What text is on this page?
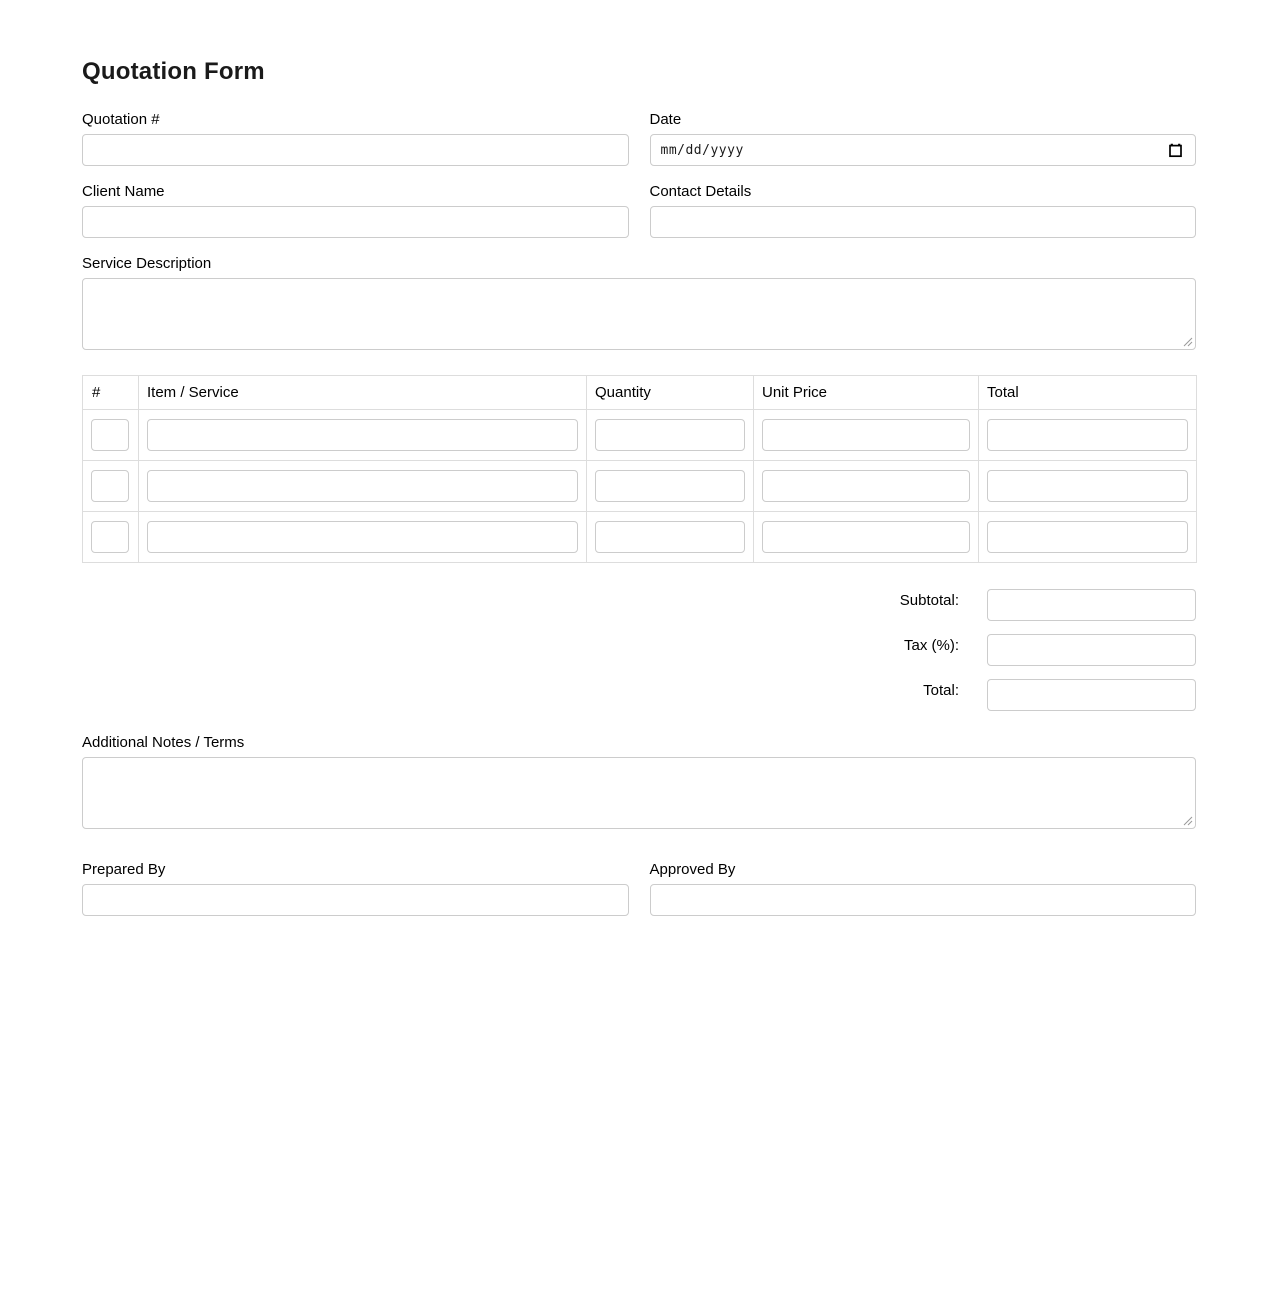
Quotation Form
Quotation #	Date
mm/dd/yyyy
Client Name	Contact Details
Service Description
#	Item / Service	Quantity	Unit Price	Total

Subtotal:
Tax (%):
Total:
Additional Notes / Terms
Prepared By	Approved By
